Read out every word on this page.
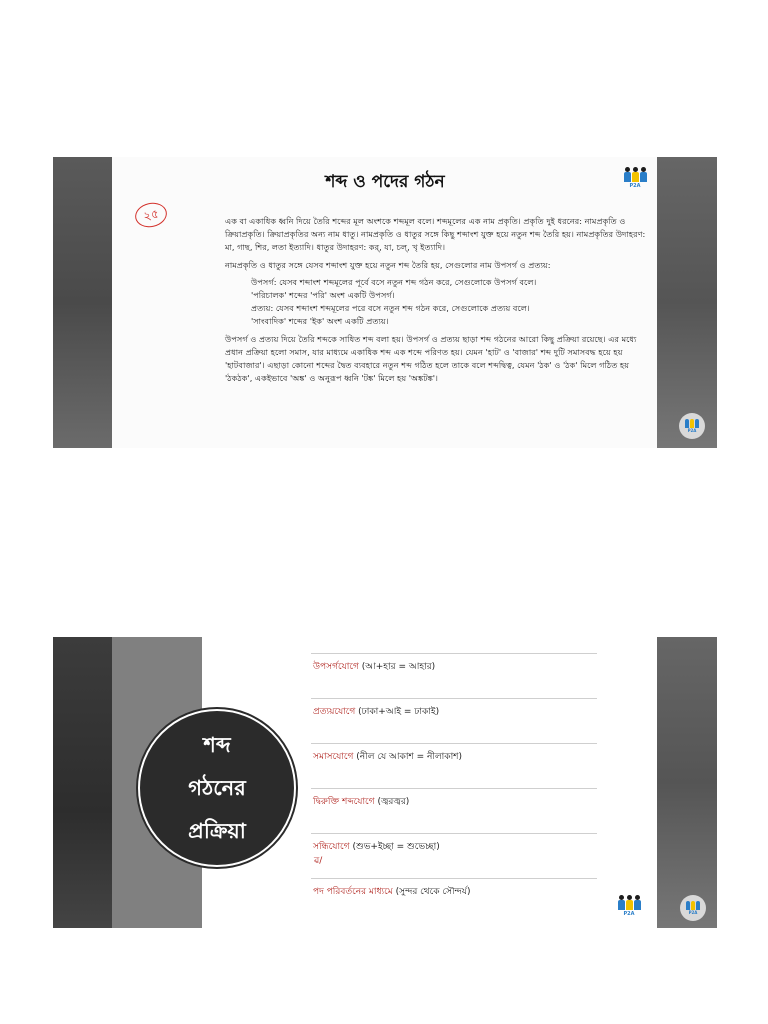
শব্দ ও পদের গঠন
২৫
P2A
P2A

এক বা একাধিক ধ্বনি দিয়ে তৈরি শব্দের মূল অংশকে শব্দমূল বলে। শব্দমূলের এক নাম প্রকৃতি। প্রকৃতি দুই ধরনের: নামপ্রকৃতি ও ক্রিয়াপ্রকৃতি। ক্রিয়াপ্রকৃতির অন্য নাম ধাতু। নামপ্রকৃতি ও ধাতুর সঙ্গে কিছু শব্দাংশ যুক্ত হয়ে নতুন শব্দ তৈরি হয়। নামপ্রকৃতির উদাহরণ: মা, গাছ, শির, লতা ইত্যাদি। ধাতুর উদাহরণ: কর্, যা, চল্, খৃ ইত্যাদি।

নামপ্রকৃতি ও ধাতুর সঙ্গে যেসব শব্দাংশ যুক্ত হয়ে নতুন শব্দ তৈরি হয়, সেগুলোর নাম উপসর্গ ও প্রত্যয়:

উপসর্গ: যেসব শব্দাংশ শব্দমূলের পূর্বে বসে নতুন শব্দ গঠন করে, সেগুলোকে উপসর্গ বলে।

'পরিচালক' শব্দের 'পরি' অংশ একটি উপসর্গ।

প্রত্যয়: যেসব শব্দাংশ শব্দমূলের পরে বসে নতুন শব্দ গঠন করে, সেগুলোকে প্রত্যয় বলে।

'সাংবাদিক' শব্দের 'ইক' অংশ একটি প্রত্যয়।

উপসর্গ ও প্রত্যয় দিয়ে তৈরি শব্দকে সাধিত শব্দ বলা হয়। উপসর্গ ও প্রত্যয় ছাড়া শব্দ গঠনের আরো কিছু প্রক্রিয়া রয়েছে। এর মধ্যে প্রধান প্রক্রিয়া হলো সমাস, যার মাধ্যমে একাধিক শব্দ এক শব্দে পরিণত হয়। যেমন 'হাট' ও 'বাজার' শব্দ দুটি সমাসবদ্ধ হয়ে হয় 'হাটবাজার'। এছাড়া কোনো শব্দের দ্বৈত ব্যবহারে নতুন শব্দ গঠিত হলে তাকে বলে শব্দদ্বিত্ব, যেমন 'ঠক' ও 'ঠক' মিলে গঠিত হয় 'ঠকঠক', একইভাবে 'অঙ্ক' ও অনুরূপ ধ্বনি 'টঙ্ক' মিলে হয় 'অঙ্কটঙ্ক'।

শব্দ
গঠনের
প্রক্রিয়া
উপসর্গযোগে (আ+হার = আহার)
প্রত্যয়যোগে (ঢাকা+আই = ঢাকাই)
সমাসযোগে (নীল যে আকাশ = নীলাকাশ)
দ্বিরুক্তি শব্দযোগে (জ্বরজ্বর)
সন্ধিযোগে (শুভ+ইচ্ছা = শুভেচ্ছা)
ৱ/
পদ পরিবর্তনের মাধ্যমে (সুন্দর থেকে সৌন্দর্য)
P2A	P2A
